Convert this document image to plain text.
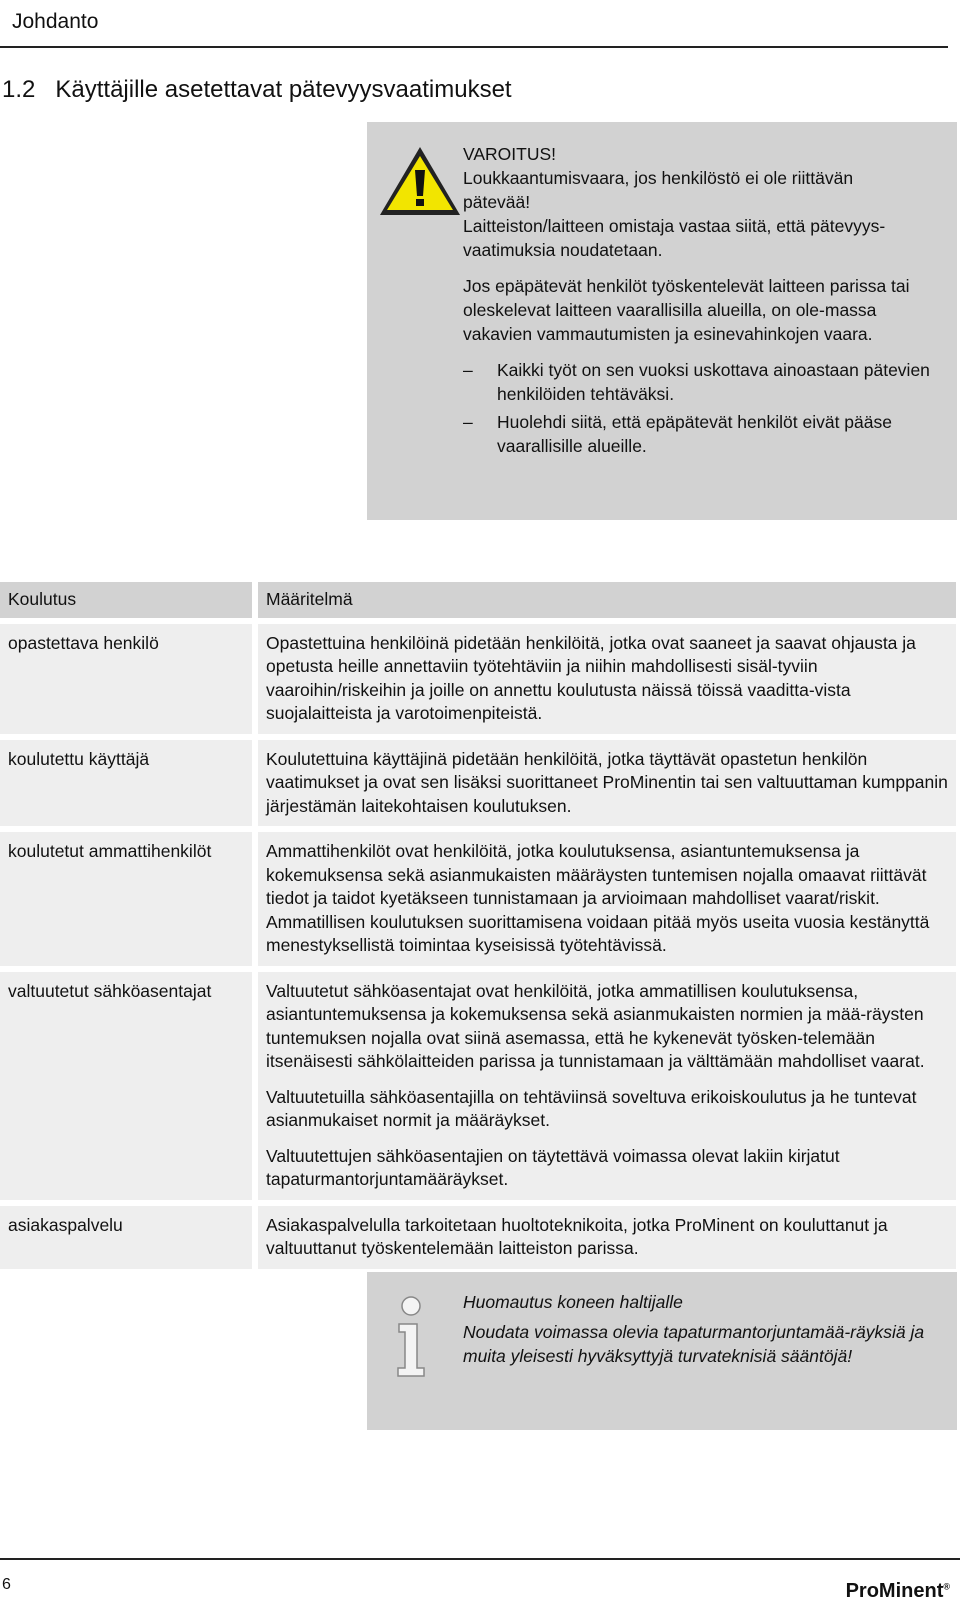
Johdanto
1.2 Käyttäjille asetettavat pätevyysvaatimukset

VAROITUS!

Loukkaantumisvaara, jos henkilöstö ei ole riittävän

pätevää!

Laitteiston/laitteen omistaja vastaa siitä, että pätevyys-

vaatimuksia noudatetaan.

Jos epäpätevät henkilöt työskentelevät laitteen parissa tai oleskelevat laitteen vaarallisilla alueilla, on ole-massa vakavien vammautumisten ja esinevahinkojen vaara.

–	Kaikki työt on sen vuoksi uskottava ainoastaan pätevien henkilöiden tehtäväksi.
–	Huolehdi siitä, että epäpätevät henkilöt eivät pääse vaarallisille alueille.
Koulutus	Määritelmä
opastettava henkilö	Opastettuina henkilöinä pidetään henkilöitä, jotka ovat saaneet ja saavat ohjausta ja opetusta heille annettaviin työtehtäviin ja niihin mahdollisesti sisäl-tyviin vaaroihin/riskeihin ja joille on annettu koulutusta näissä töissä vaaditta-vista suojalaitteista ja varotoimenpiteistä.

koulutettu käyttäjä	Koulutettuina käyttäjinä pidetään henkilöitä, jotka täyttävät opastetun henkilön vaatimukset ja ovat sen lisäksi suorittaneet ProMinentin tai sen valtuuttaman kumppanin järjestämän laitekohtaisen koulutuksen.

koulutetut ammattihenkilöt	Ammattihenkilöt ovat henkilöitä, jotka koulutuksensa, asiantuntemuksensa ja kokemuksensa sekä asianmukaisten määräysten tuntemisen nojalla omaavat riittävät tiedot ja taidot kyetäkseen tunnistamaan ja arvioimaan mahdolliset vaarat/riskit. Ammatillisen koulutuksen suorittamisena voidaan pitää myös useita vuosia kestänyttä menestyksellistä toimintaa kyseisissä työtehtävissä.

valtuutetut sähköasentajat	Valtuutetut sähköasentajat ovat henkilöitä, jotka ammatillisen koulutuksensa, asiantuntemuksensa ja kokemuksensa sekä asianmukaisten normien ja mää-räysten tuntemuksen nojalla ovat siinä asemassa, että he kykenevät työsken-telemään itsenäisesti sähkölaitteiden parissa ja tunnistamaan ja välttämään mahdolliset vaarat.

Valtuutetuilla sähköasentajilla on tehtäviinsä soveltuva erikoiskoulutus ja he tuntevat asianmukaiset normit ja määräykset.

Valtuutettujen sähköasentajien on täytettävä voimassa olevat lakiin kirjatut tapaturmantorjuntamääräykset.

asiakaspalvelu	Asiakaspalvelulla tarkoitetaan huoltoteknikoita, jotka ProMinent on kouluttanut ja valtuuttanut työskentelemään laitteiston parissa.

Huomautus koneen haltijalle

Noudata voimassa olevia tapaturmantorjuntamää-räyksiä ja muita yleisesti hyväksyttyjä turvateknisiä sääntöjä!

6	ProMinent®
